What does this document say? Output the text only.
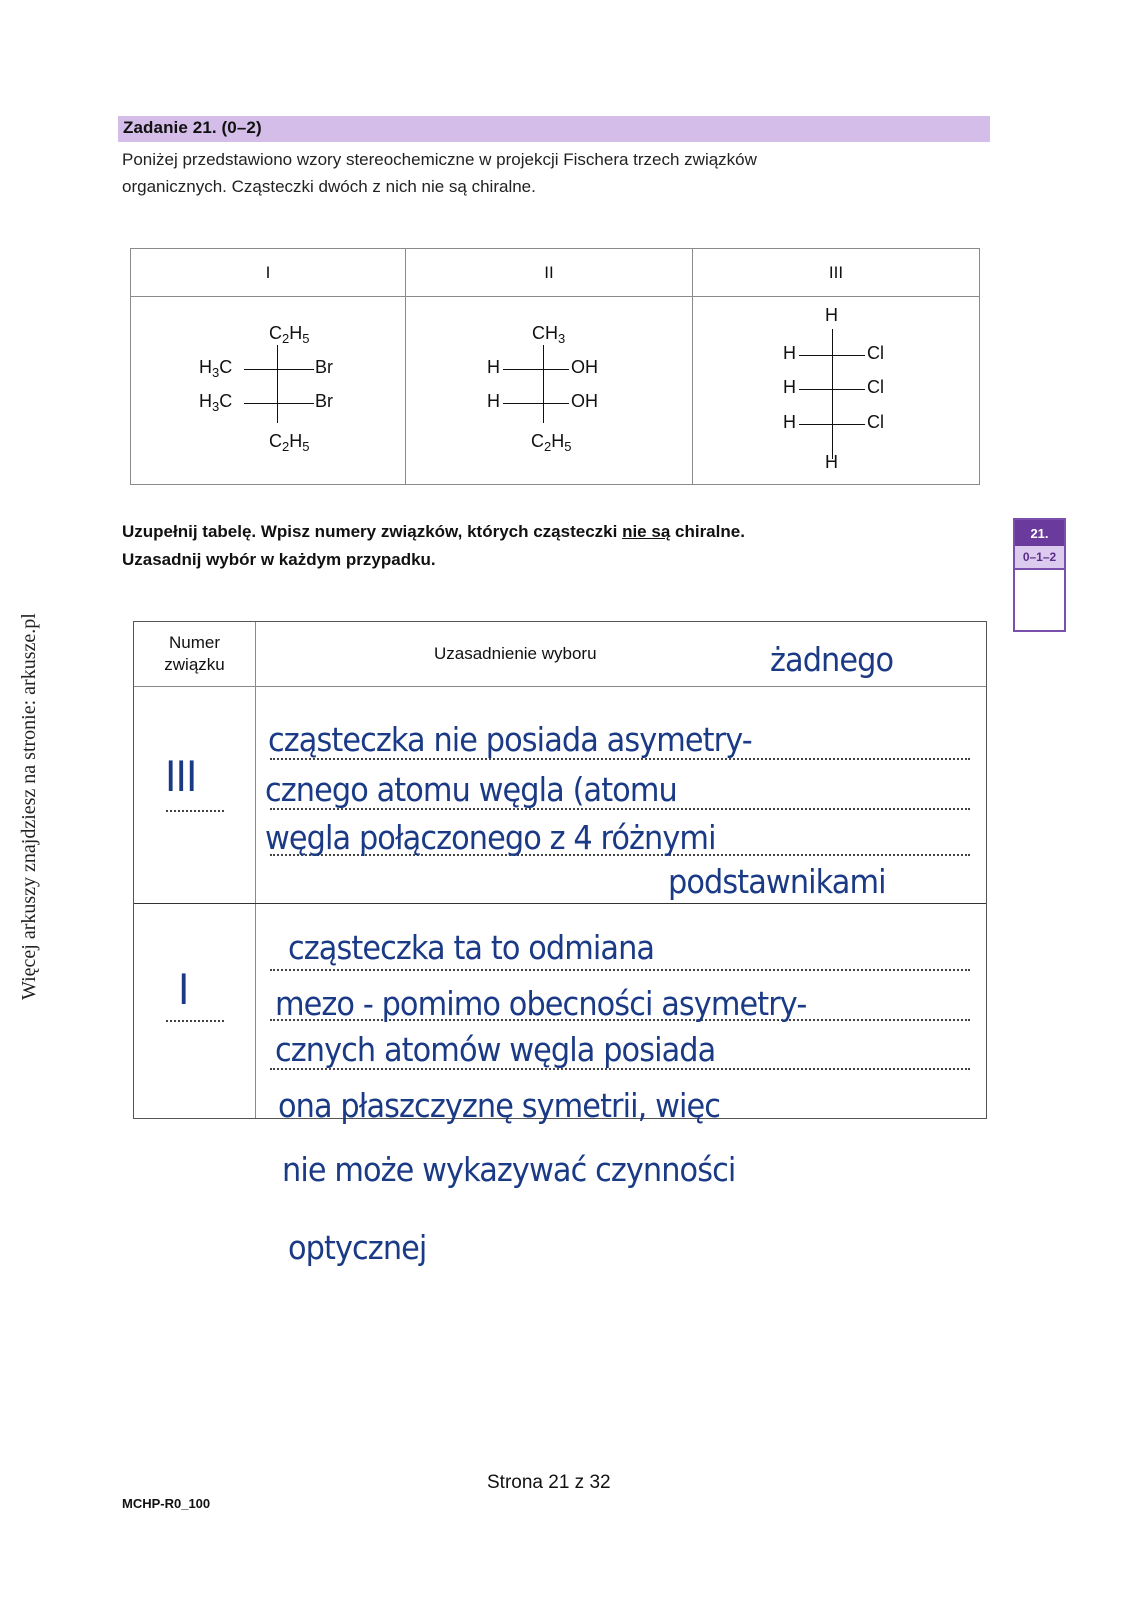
Zadanie 21. (0–2)
Poniżej przedstawiono wzory stereochemiczne w projekcji Fischera trzech związków
organicznych. Cząsteczki dwóch z nich nie są chiralne.
I	II	III
$C_2H_5$
$H_3C$	Br
$H_3C$	Br
$C_2H_5$
$CH_3$
H	OH
H	OH
$C_2H_5$
H
H	Cl
H	Cl
H	Cl
H
Uzupełnij tabelę. Wpisz numery związków, których cząsteczki nie są chiralne.
Uzasadnij wybór w każdym przypadku.
21.
0–1–2
Więcej arkuszy znajdziesz na stronie: arkusze.pl	Numer
związku
Uzasadnienie wyboru	żadnego
III
cząsteczka nie posiada asymetry-
cznego atomu węgla (atomu
węgla połączonego z 4 różnymi
podstawnikami
I
cząsteczka ta to odmiana
mezo - pomimo obecności asymetry-
cznych atomów węgla posiada
ona płaszczyznę symetrii, więc
nie może wykazywać czynności
optycznej
Strona 21 z 32
MCHP-R0_100
